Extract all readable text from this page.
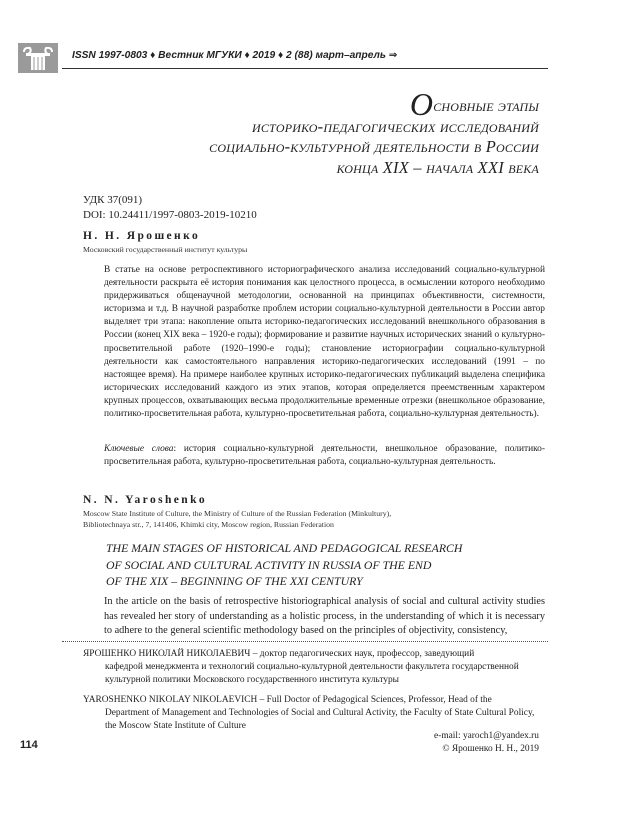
ISSN 1997-0803 ♦ Вестник МГУКИ ♦ 2019 ♦ 2 (88) март–апрель ⇒
Основные этапы
историко-педагогических исследований
социально-культурной деятельности в России
конца XIX – начала XXI века
УДК 37(091)
DOI: 10.24411/1997-0803-2019-10210
Н. Н. Ярошенко
Московский государственный институт культуры
В статье на основе ретроспективного историографического анализа исследований социально-культурной деятельности раскрыта её история понимания как целостного процесса, в осмыслении которого необходимо придерживаться общенаучной методологии, основанной на принципах объективности, системности, историзма и т.д. В научной разработке проблем истории социально-культурной деятельности в России автор выделяет три этапа: накопление опыта историко-педагогических исследований внешкольного образования в России (конец XIX века – 1920-е годы); формирование и развитие научных исторических знаний о культурно-просветительной работе (1920–1990-е годы); становление историографии социально-культурной деятельности как самостоятельного направления историко-педагогических исследований (1991 – по настоящее время). На примере наиболее крупных историко-педагогических публикаций выделена специфика исторических исследований каждого из этих этапов, которая определяется преемственным характером крупных процессов, охватывающих весьма продолжительные временные отрезки (внешкольное образование, политико-просветительная работа, культурно-просветительная работа, социально-культурная деятельность).
Ключевые слова: история социально-культурной деятельности, внешкольное образование, политико-просветительная работа, культурно-просветительная работа, социально-культурная деятельность.
N. N. Yaroshenko
Moscow State Institute of Culture, the Ministry of Culture of the Russian Federation (Minkultury),
Bibliotechnaya str., 7, 141406, Khimki city, Moscow region, Russian Federation
THE MAIN STAGES OF HISTORICAL AND PEDAGOGICAL RESEARCH
OF SOCIAL AND CULTURAL ACTIVITY IN RUSSIA OF THE END
OF THE XIX – BEGINNING OF THE XXI CENTURY
In the article on the basis of retrospective historiographical analysis of social and cultural activity studies has revealed her story of understanding as a holistic process, in the understanding of which it is necessary to adhere to the general scientific methodology based on the principles of objectivity, consistency,
ЯРОШЕНКО НИКОЛАЙ НИКОЛАЕВИЧ – доктор педагогических наук, профессор, заведующий
кафедрой менеджмента и технологий социально-культурной деятельности факультета государственной культурной политики Московского государственного института культуры
YAROSHENKO NIKOLAY NIKOLAEVICH – Full Doctor of Pedagogical Sciences, Professor, Head of the
Department of Management and Technologies of Social and Cultural Activity, the Faculty of State Cultural Policy, the Moscow State Institute of Culture
e-mail: yaroch1@yandex.ru
© Ярошенко Н. Н., 2019
114
